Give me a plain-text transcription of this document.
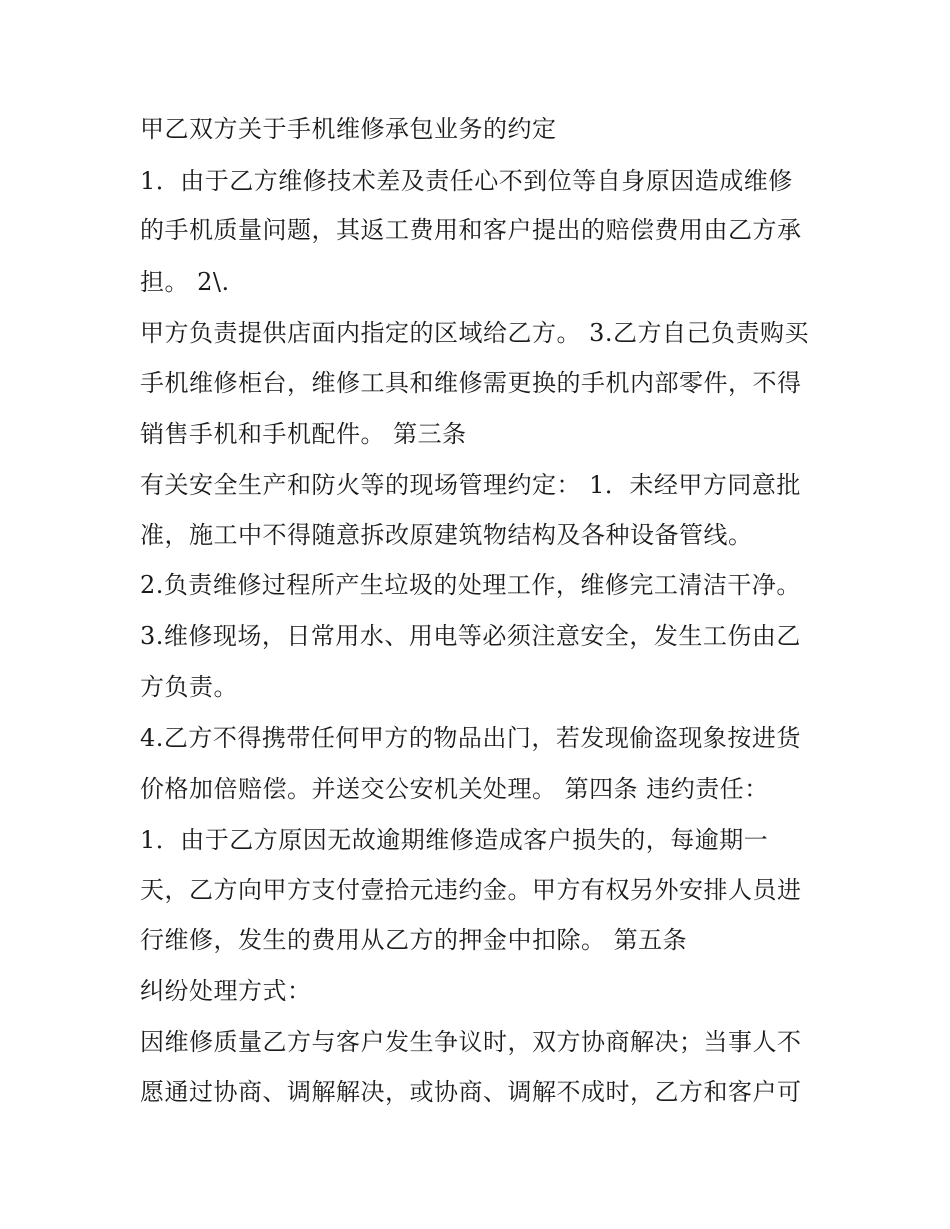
甲乙双方关于手机维修承包业务的约定

1．由于乙方维修技术差及责任心不到位等自身原因造成维修

的手机质量问题，其返工费用和客户提出的赔偿费用由乙方承

担。 2\.

甲方负责提供店面内指定的区域给乙方。 3.乙方自己负责购买

手机维修柜台，维修工具和维修需更换的手机内部零件，不得

销售手机和手机配件。 第三条

有关安全生产和防火等的现场管理约定： 1．未经甲方同意批

准，施工中不得随意拆改原建筑物结构及各种设备管线。

2.负责维修过程所产生垃圾的处理工作，维修完工清洁干净。

3.维修现场，日常用水、用电等必须注意安全，发生工伤由乙

方负责。

4.乙方不得携带任何甲方的物品出门，若发现偷盗现象按进货

价格加倍赔偿。并送交公安机关处理。 第四条 违约责任：

1．由于乙方原因无故逾期维修造成客户损失的，每逾期一

天，乙方向甲方支付壹拾元违约金。甲方有权另外安排人员进

行维修，发生的费用从乙方的押金中扣除。 第五条

纠纷处理方式：

因维修质量乙方与客户发生争议时，双方协商解决；当事人不

愿通过协商、调解解决，或协商、调解不成时，乙方和客户可
